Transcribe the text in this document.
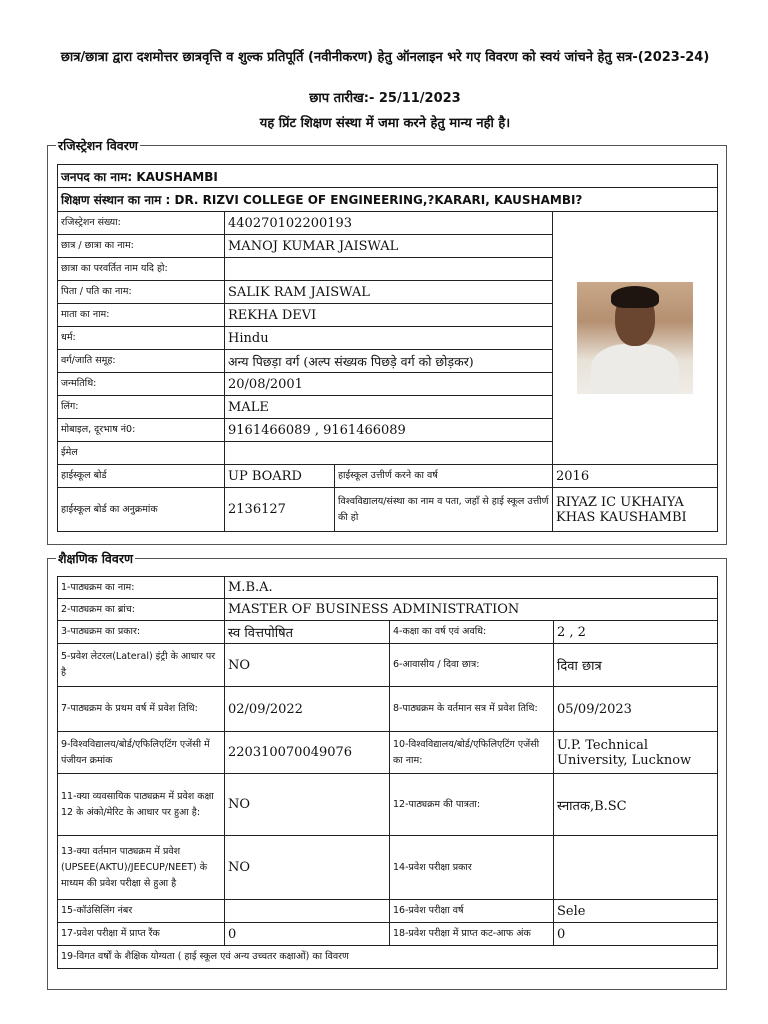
छात्र/छात्रा द्वारा दशमोत्तर छात्रवृत्ति व शुल्क प्रतिपूर्ति (नवीनीकरण) हेतु ऑनलाइन भरे गए विवरण को स्वयं जांचने हेतु सत्र-(2023-24)
छाप तारीख:- 25/11/2023
यह प्रिंट शिक्षण संस्था में जमा करने हेतु मान्य नही है।
रजिस्ट्रेशन विवरण
जनपद का नाम: KAUSHAMBI			
शिक्षण संस्थान का नाम : DR. RIZVI COLLEGE OF ENGINEERING,?KARARI, KAUSHAMBI?			
रजिस्ट्रेशन संख्या:	440270102200193		

छात्र / छात्रा का नाम:	MANOJ KUMAR JAISWAL		
छात्रा का परवर्तित नाम यदि हो:			
पिता / पति का नाम:	SALIK RAM JAISWAL		
माता का नाम:	REKHA DEVI		
धर्म:	Hindu		
वर्ग/जाति समूह:	अन्य पिछड़ा वर्ग (अल्प संख्यक पिछड़े वर्ग को छोड़कर)		
जन्मतिथि:	20/08/2001		
लिंग:	MALE		
मोबाइल, दूरभाष नं0:	9161466089 , 9161466089		
ईमेल			
हाईस्कूल बोर्ड	UP BOARD	हाईस्कूल उत्तीर्ण करने का वर्ष	2016
हाईस्कूल बोर्ड का अनुक्रमांक	2136127	विश्वविद्यालय/संस्था का नाम व पता, जहाँ से हाई स्कूल उत्तीर्ण की हो	RIYAZ IC UKHAIYA KHAS KAUSHAMBI
शैक्षणिक विवरण
1-पाठ्यक्रम का नाम:	M.B.A.		
2-पाठ्यक्रम का ब्रांच:	MASTER OF BUSINESS ADMINISTRATION		
3-पाठ्यक्रम का प्रकार:	स्व वित्तपोषित	4-कक्षा का वर्ष एवं अवधि:	2 , 2
5-प्रवेश लेटरल(Lateral) इंट्री के आधार पर है	NO	6-आवासीय / दिवा छात्र:	दिवा छात्र
7-पाठ्यक्रम के प्रथम वर्ष में प्रवेश तिथि:	02/09/2022	8-पाठ्यक्रम के वर्तमान सत्र में प्रवेश तिथि:	05/09/2023
9-विश्वविद्यालय/बोर्ड/एफिलिएटिंग एजेंसी में पंजीयन क्रमांक	220310070049076	10-विश्वविद्यालय/बोर्ड/एफिलिएटिंग एजेंसी का नाम:	U.P. Technical University, Lucknow
11-क्या व्यवसायिक पाठ्यक्रम में प्रवेश कक्षा 12 के अंको/मेरिट के आधार पर हुआ है:	NO	12-पाठ्यक्रम की पात्रता:	स्नातक,B.SC
13-क्या वर्तमान पाठ्यक्रम में प्रवेश (UPSEE(AKTU)/JEECUP/NEET) के माध्यम की प्रवेश परीक्षा से हुआ है	NO	14-प्रवेश परीक्षा प्रकार	
15-कॉउंसिलिंग नंबर		16-प्रवेश परीक्षा वर्ष	Sele
17-प्रवेश परीक्षा में प्राप्त रैंक	0	18-प्रवेश परीक्षा में प्राप्त कट-आफ अंक	0
19-विगत वर्षों के शैक्षिक योग्यता ( हाई स्कूल एवं अन्य उच्चतर कक्षाओं) का विवरण			
